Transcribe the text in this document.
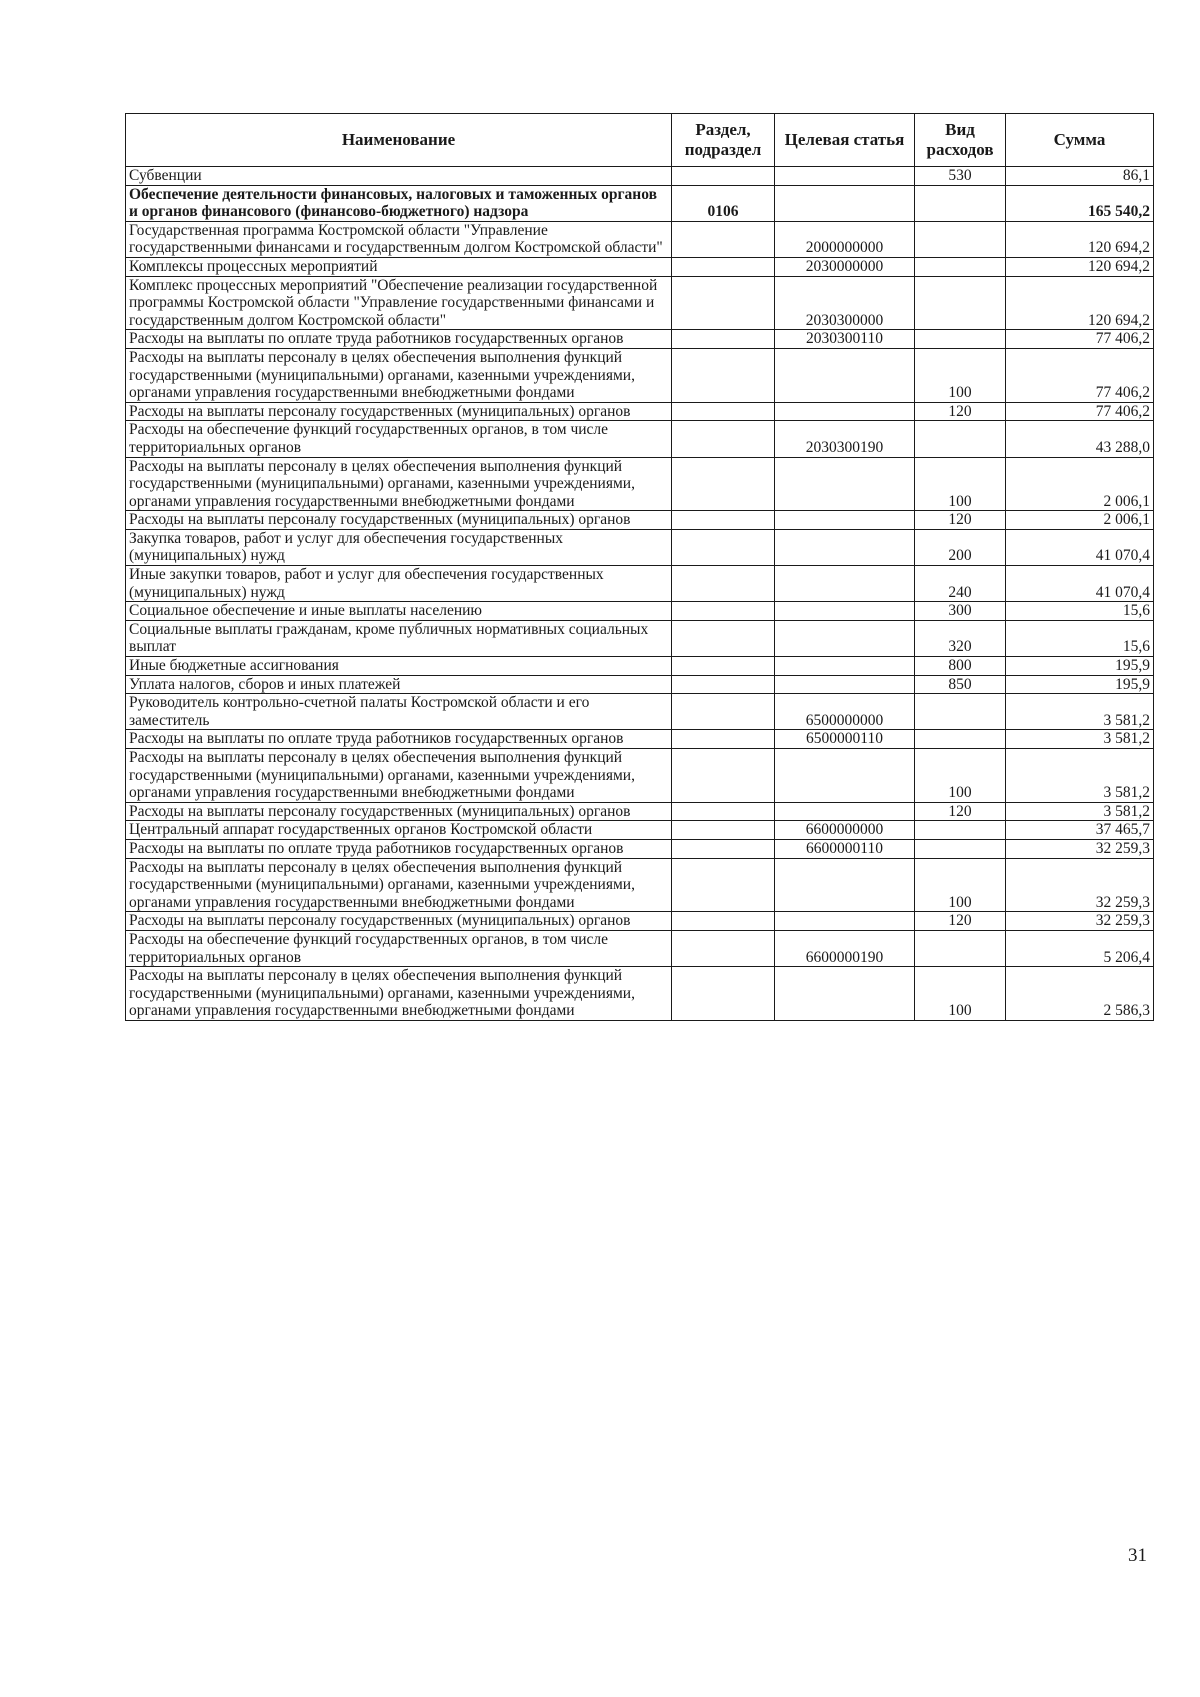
Наименование	Раздел, подраздел	Целевая статья	Вид расходов	Сумма
Субвенции			530	86,1
Обеспечение деятельности финансовых, налоговых и таможенных органов и органов финансового (финансово-бюджетного) надзора	0106			165 540,2
Государственная программа Костромской области "Управление государственными финансами и государственным долгом Костромской области"		2000000000		120 694,2
Комплексы процессных мероприятий		2030000000		120 694,2
Комплекс процессных мероприятий "Обеспечение реализации государственной программы Костромской области "Управление государственными финансами и государственным долгом Костромской области"		2030300000		120 694,2
Расходы на выплаты по оплате труда работников государственных органов		2030300110		77 406,2
Расходы на выплаты персоналу в целях обеспечения выполнения функций государственными (муниципальными) органами, казенными учреждениями, органами управления государственными внебюджетными фондами			100	77 406,2
Расходы на выплаты персоналу государственных (муниципальных) органов			120	77 406,2
Расходы на обеспечение функций государственных органов, в том числе территориальных органов		2030300190		43 288,0
Расходы на выплаты персоналу в целях обеспечения выполнения функций государственными (муниципальными) органами, казенными учреждениями, органами управления государственными внебюджетными фондами			100	2 006,1
Расходы на выплаты персоналу государственных (муниципальных) органов			120	2 006,1
Закупка товаров, работ и услуг для обеспечения государственных (муниципальных) нужд			200	41 070,4
Иные закупки товаров, работ и услуг для обеспечения государственных (муниципальных) нужд			240	41 070,4
Социальное обеспечение и иные выплаты населению			300	15,6
Социальные выплаты гражданам, кроме публичных нормативных социальных выплат			320	15,6
Иные бюджетные ассигнования			800	195,9
Уплата налогов, сборов и иных платежей			850	195,9
Руководитель контрольно-счетной палаты Костромской области и его заместитель		6500000000		3 581,2
Расходы на выплаты по оплате труда работников государственных органов		6500000110		3 581,2
Расходы на выплаты персоналу в целях обеспечения выполнения функций государственными (муниципальными) органами, казенными учреждениями, органами управления государственными внебюджетными фондами			100	3 581,2
Расходы на выплаты персоналу государственных (муниципальных) органов			120	3 581,2
Центральный аппарат государственных органов Костромской области		6600000000		37 465,7
Расходы на выплаты по оплате труда работников государственных органов		6600000110		32 259,3
Расходы на выплаты персоналу в целях обеспечения выполнения функций государственными (муниципальными) органами, казенными учреждениями, органами управления государственными внебюджетными фондами			100	32 259,3
Расходы на выплаты персоналу государственных (муниципальных) органов			120	32 259,3
Расходы на обеспечение функций государственных органов, в том числе территориальных органов		6600000190		5 206,4
Расходы на выплаты персоналу в целях обеспечения выполнения функций государственными (муниципальными) органами, казенными учреждениями, органами управления государственными внебюджетными фондами			100	2 586,3
31
